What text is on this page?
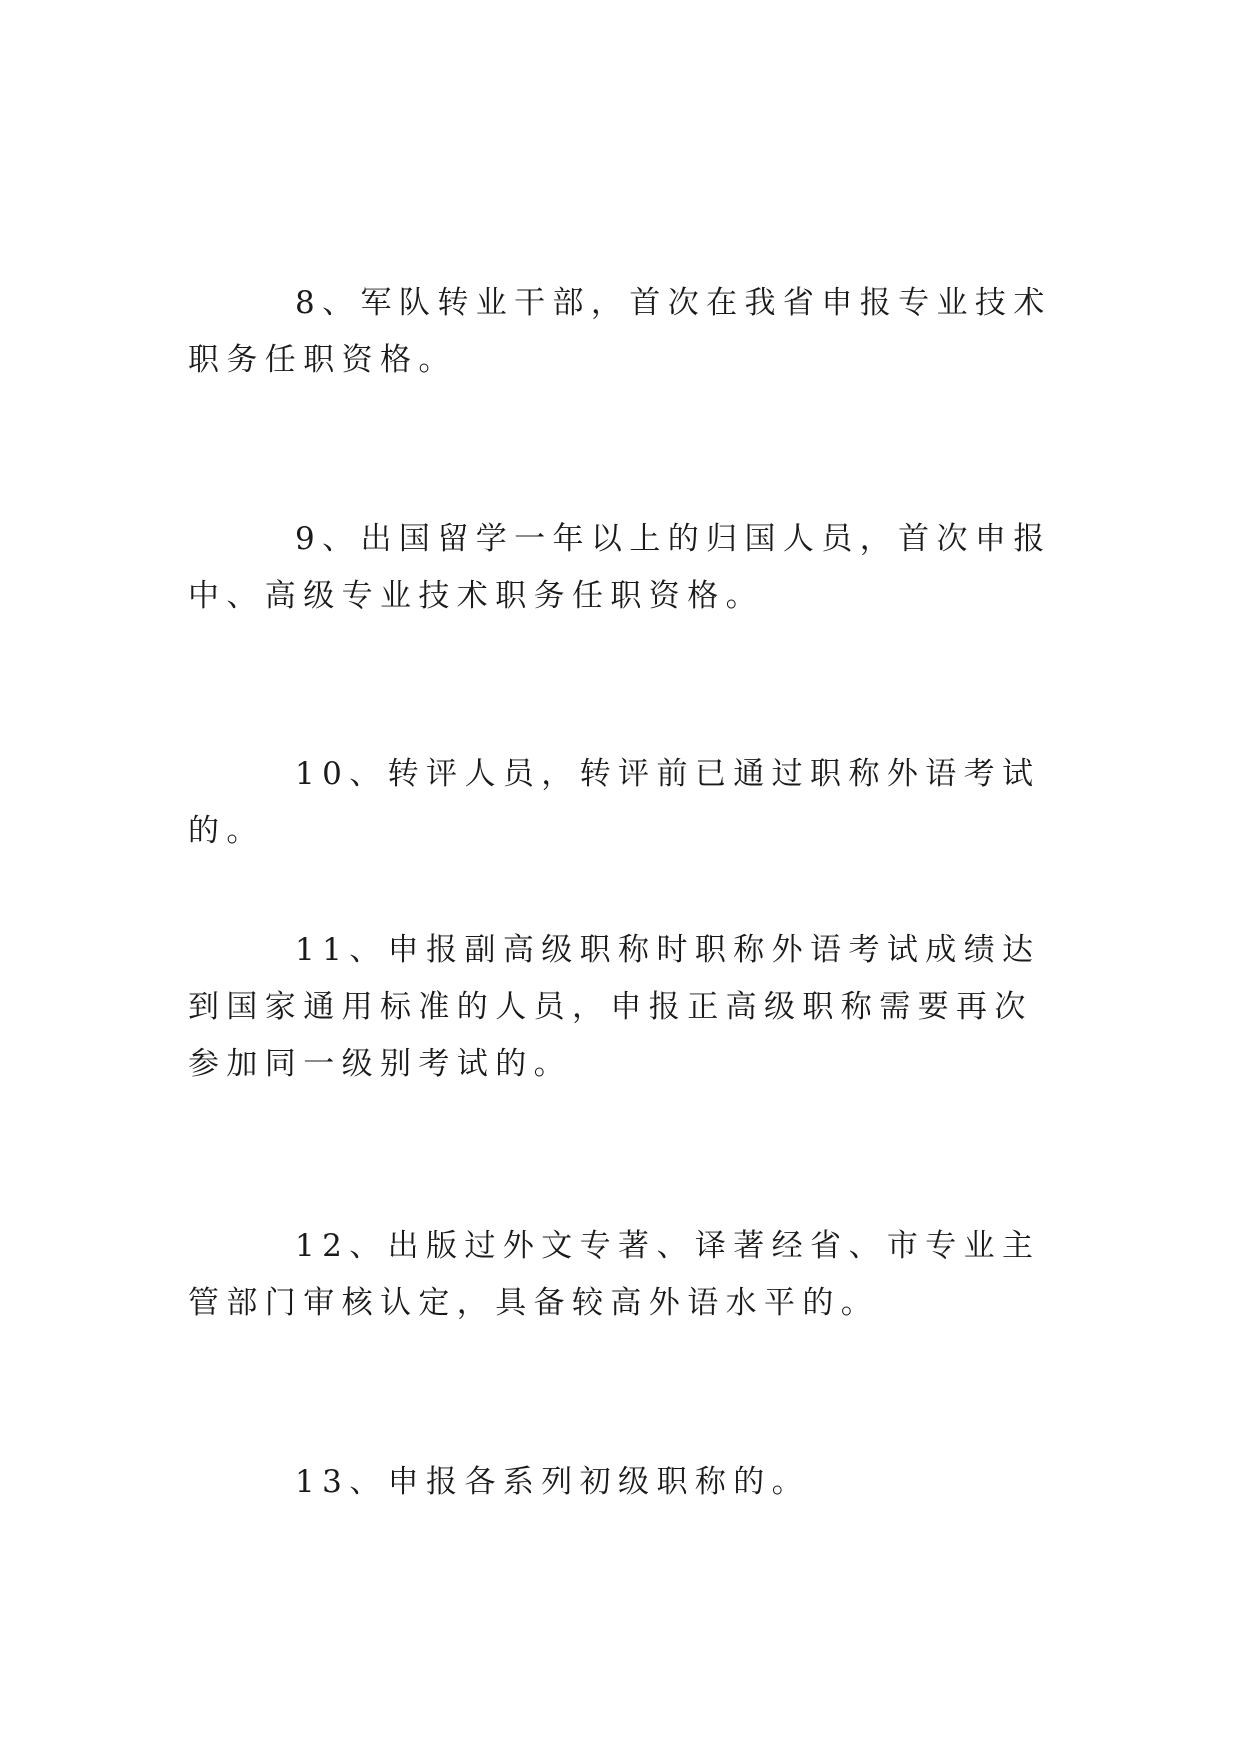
8、军队转业干部，首次在我省申报专业技术职务任职资格。

9、出国留学一年以上的归国人员，首次申报中、高级专业技术职务任职资格。

10、转评人员，转评前已通过职称外语考试的。

11、申报副高级职称时职称外语考试成绩达到国家通用标准的人员，申报正高级职称需要再次参加同一级别考试的。

12、出版过外文专著、译著经省、市专业主管部门审核认定，具备较高外语水平的。

13、申报各系列初级职称的。
